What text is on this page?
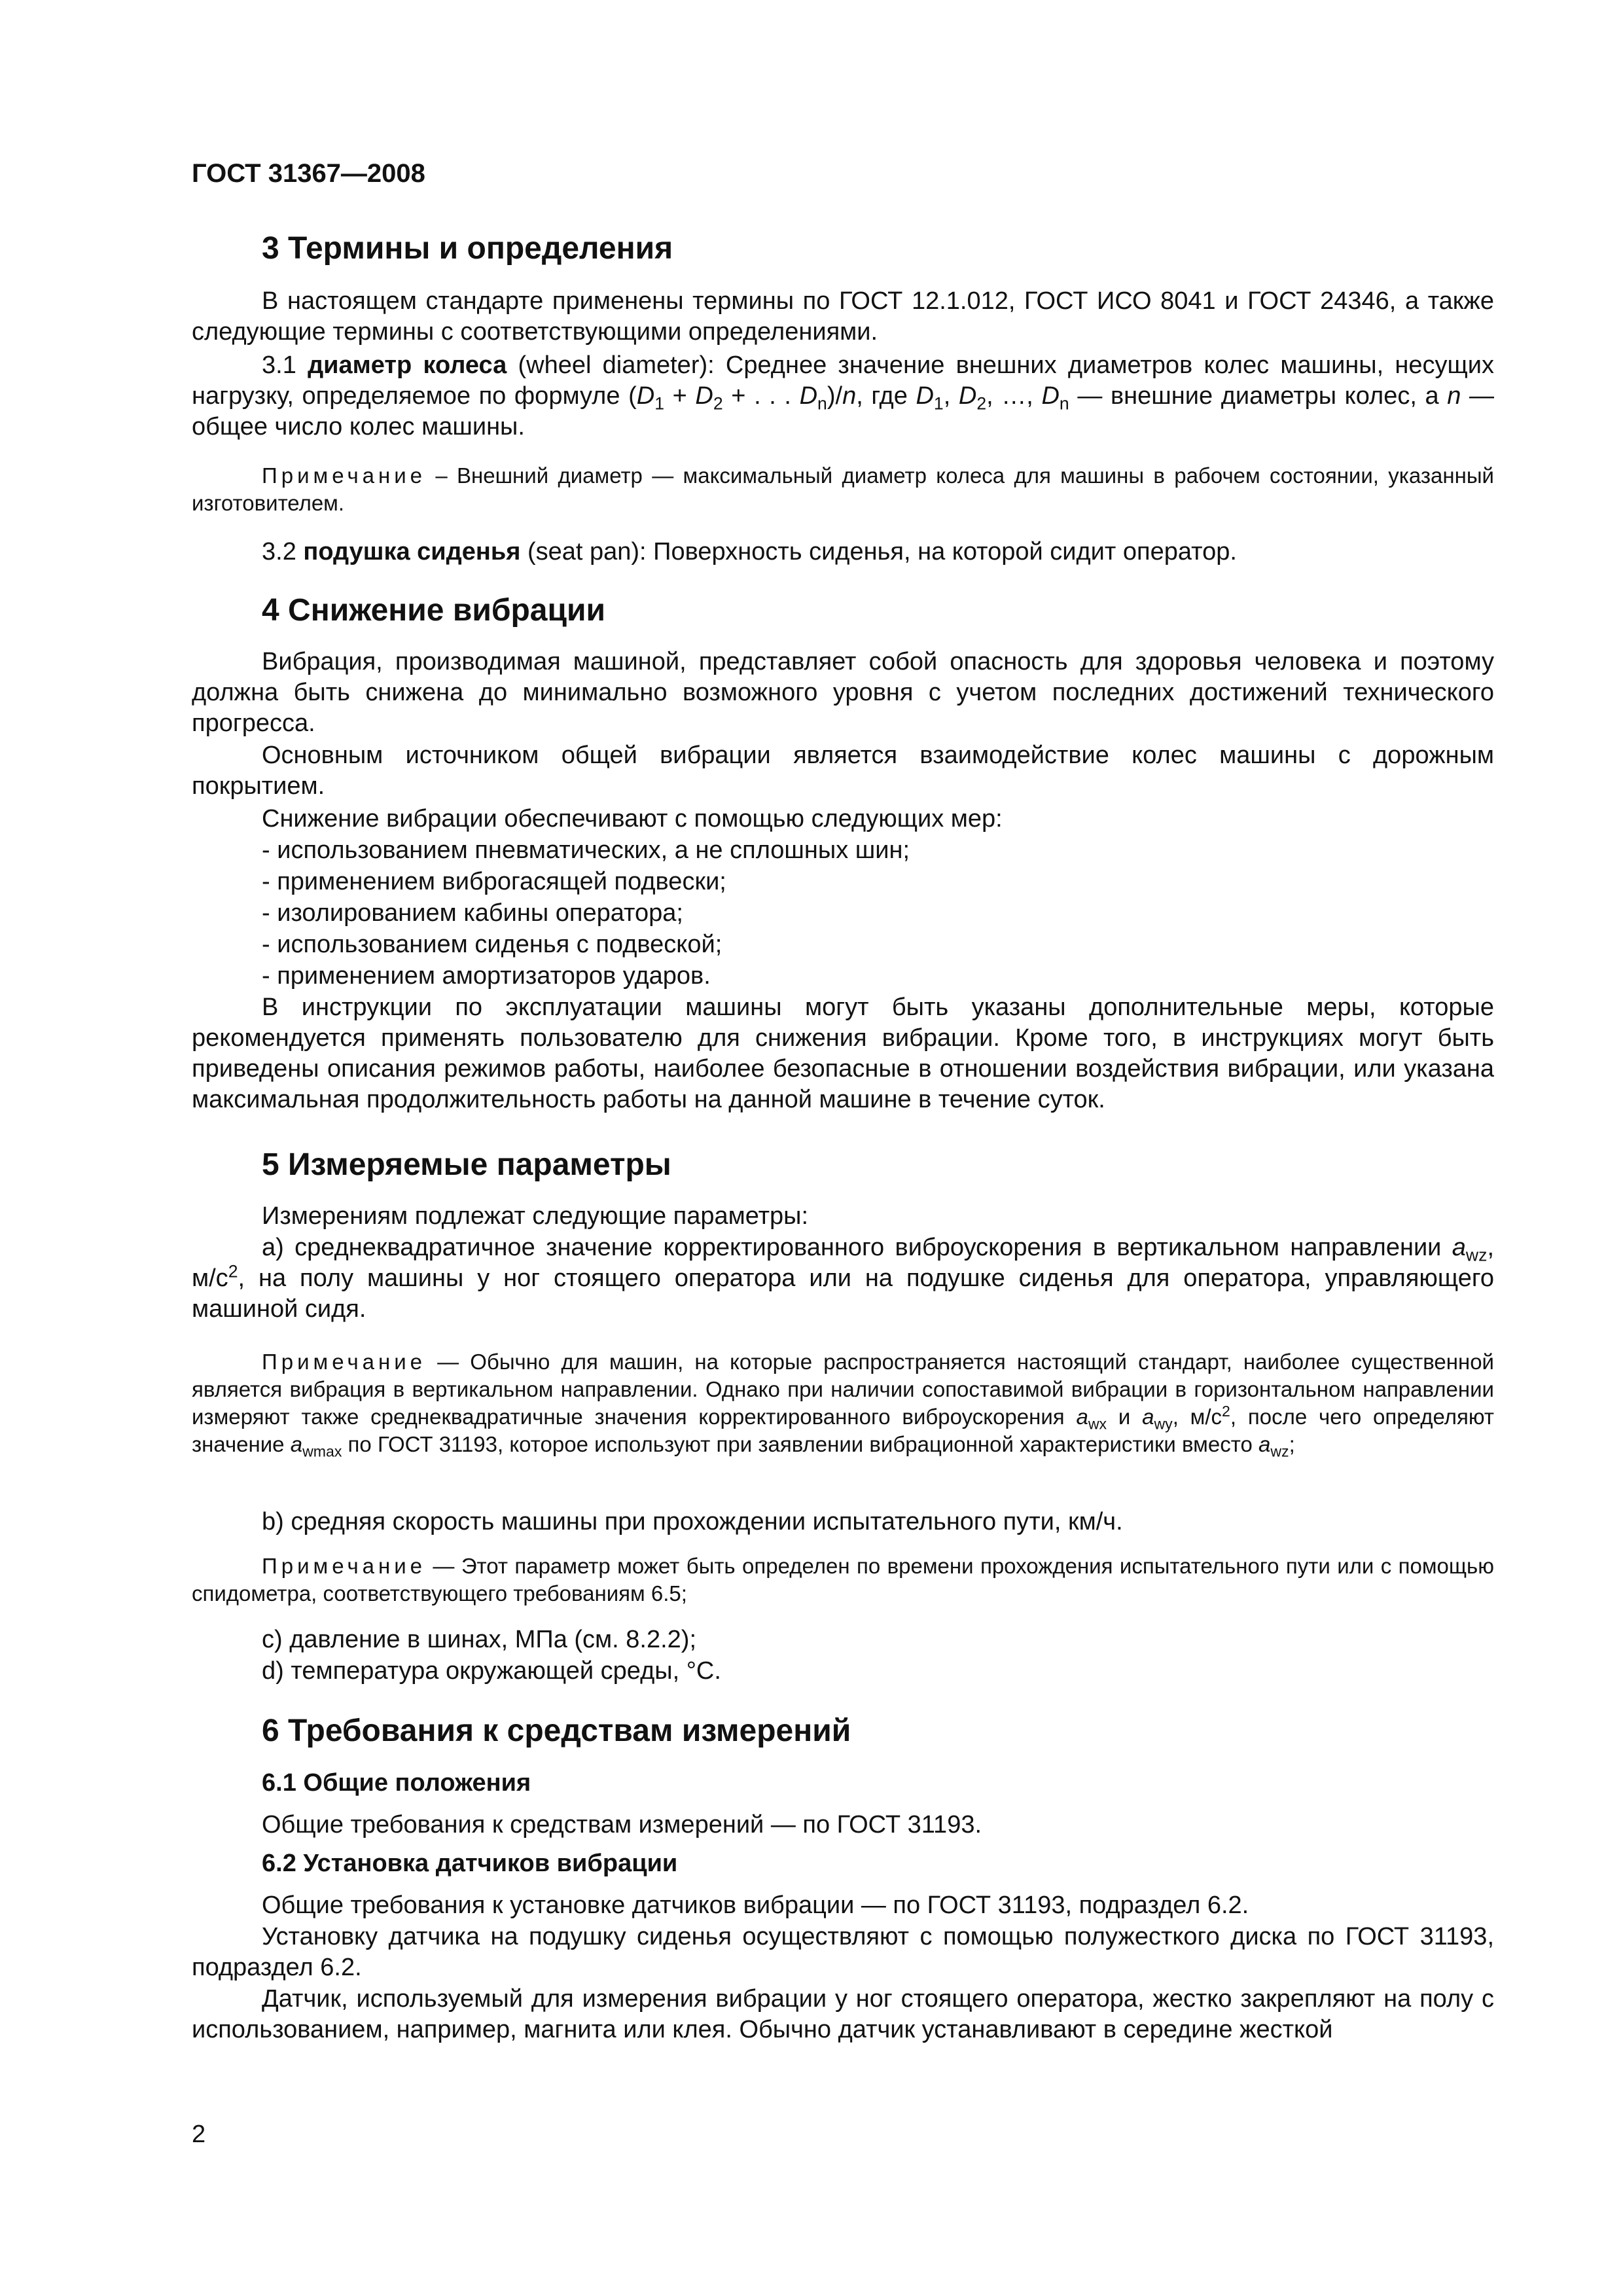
ГОСТ 31367—2008
3 Термины и определения
В настоящем стандарте применены термины по ГОСТ 12.1.012, ГОСТ ИСО 8041 и ГОСТ 24346, а также следующие термины с соответствующими определениями.
3.1 диаметр колеса (wheel diameter): Среднее значение внешних диаметров колес машины, несущих нагрузку, определяемое по формуле ($D_1 + D_2$ + . . . $D_n)/n$, где $D_1$, $D_2$, …, $D_n$ — внешние диаметры колес, а n — общее число колес машины.
Примечание – Внешний диаметр — максимальный диаметр колеса для машины в рабочем состоянии, указанный изготовителем.
3.2 подушка сиденья (seat pan): Поверхность сиденья, на которой сидит оператор.
4 Снижение вибрации
Вибрация, производимая машиной, представляет собой опасность для здоровья человека и поэтому должна быть снижена до минимально возможного уровня с учетом последних достижений технического прогресса.
Основным источником общей вибрации является взаимодействие колес машины с дорожным покрытием.
Снижение вибрации обеспечивают с помощью следующих мер:
- использованием пневматических, а не сплошных шин;
- применением виброгасящей подвески;
- изолированием кабины оператора;
- использованием сиденья с подвеской;
- применением амортизаторов ударов.
В инструкции по эксплуатации машины могут быть указаны дополнительные меры, которые рекомендуется применять пользователю для снижения вибрации. Кроме того, в инструкциях могут быть приведены описания режимов работы, наиболее безопасные в отношении воздействия вибрации, или указана максимальная продолжительность работы на данной машине в течение суток.
5 Измеряемые параметры
Измерениям подлежат следующие параметры:
а) среднеквадратичное значение корректированного виброускорения в вертикальном направлении $a_{wz}$, $м/с^2$, на полу машины у ног стоящего оператора или на подушке сиденья для оператора, управляющего машиной сидя.
Примечание — Обычно для машин, на которые распространяется настоящий стандарт, наиболее существенной является вибрация в вертикальном направлении. Однако при наличии сопоставимой вибрации в горизонтальном направлении измеряют также среднеквадратичные значения корректированного виброускорения $a_{wx}$ и $a_{wy}$, $м/с^2$, после чего определяют значение $a_{wmax}$ по ГОСТ 31193, которое используют при заявлении вибрационной характеристики вместо $a_{wz}$;
b) средняя скорость машины при прохождении испытательного пути, км/ч.
Примечание — Этот параметр может быть определен по времени прохождения испытательного пути или с помощью спидометра, соответствующего требованиям 6.5;
c) давление в шинах, МПа (см. 8.2.2);
d) температура окружающей среды, °С.
6 Требования к средствам измерений
6.1 Общие положения
Общие требования к средствам измерений — по ГОСТ 31193.
6.2 Установка датчиков вибрации
Общие требования к установке датчиков вибрации — по ГОСТ 31193, подраздел 6.2.
Установку датчика на подушку сиденья осуществляют с помощью полужесткого диска по ГОСТ 31193, подраздел 6.2.
Датчик, используемый для измерения вибрации у ног стоящего оператора, жестко закрепляют на полу с использованием, например, магнита или клея. Обычно датчик устанавливают в середине жесткой
2
